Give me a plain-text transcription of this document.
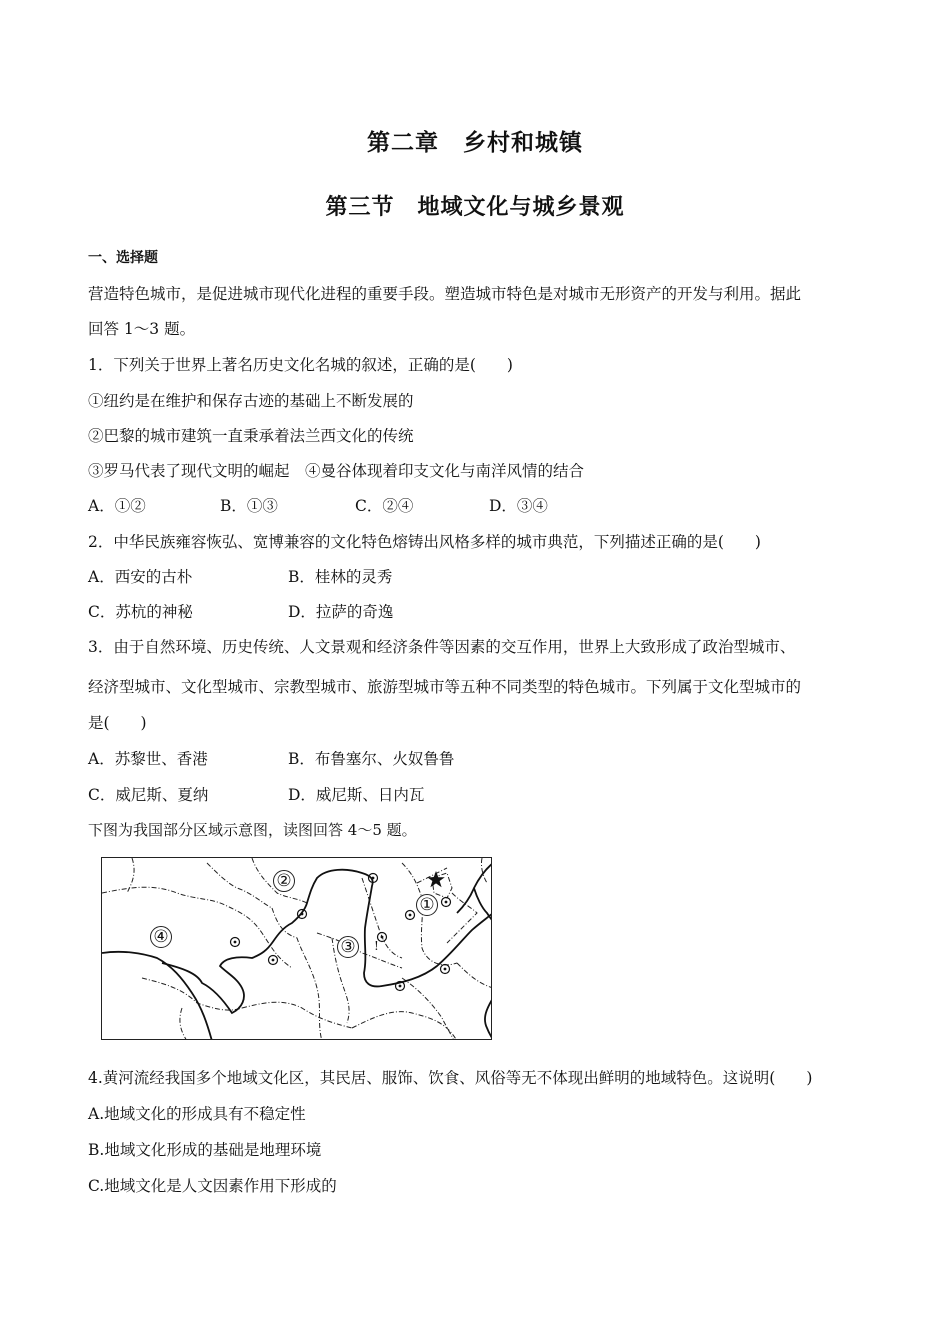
第二章　乡村和城镇
第三节　地域文化与城乡景观
一、选择题
营造特色城市，是促进城市现代化进程的重要手段。塑造城市特色是对城市无形资产的开发与利用。据此
回答 1～3 题。
1．下列关于世界上著名历史文化名城的叙述，正确的是(　　)
①纽约是在维护和保存古迹的基础上不断发展的
②巴黎的城市建筑一直秉承着法兰西文化的传统
③罗马代表了现代文明的崛起　④曼谷体现着印支文化与南洋风情的结合
A．①②	B．①③	C．②④	D．③④
2．中华民族雍容恢弘、宽博兼容的文化特色熔铸出风格多样的城市典范，下列描述正确的是(　　)
A．西安的古朴	B．桂林的灵秀
C．苏杭的神秘	D．拉萨的奇逸
3．由于自然环境、历史传统、人文景观和经济条件等因素的交互作用，世界上大致形成了政治型城市、
经济型城市、文化型城市、宗教型城市、旅游型城市等五种不同类型的特色城市。下列属于文化型城市的
是(　　)
A．苏黎世、香港	B．布鲁塞尔、火奴鲁鲁
C．威尼斯、夏纳	D．威尼斯、日内瓦
下图为我国部分区域示意图，读图回答 4～5 题。
!
①
②
③
④
4.黄河流经我国多个地域文化区，其民居、服饰、饮食、风俗等无不体现出鲜明的地域特色。这说明(　　)
A.地域文化的形成具有不稳定性
B.地域文化形成的基础是地理环境
C.地域文化是人文因素作用下形成的
